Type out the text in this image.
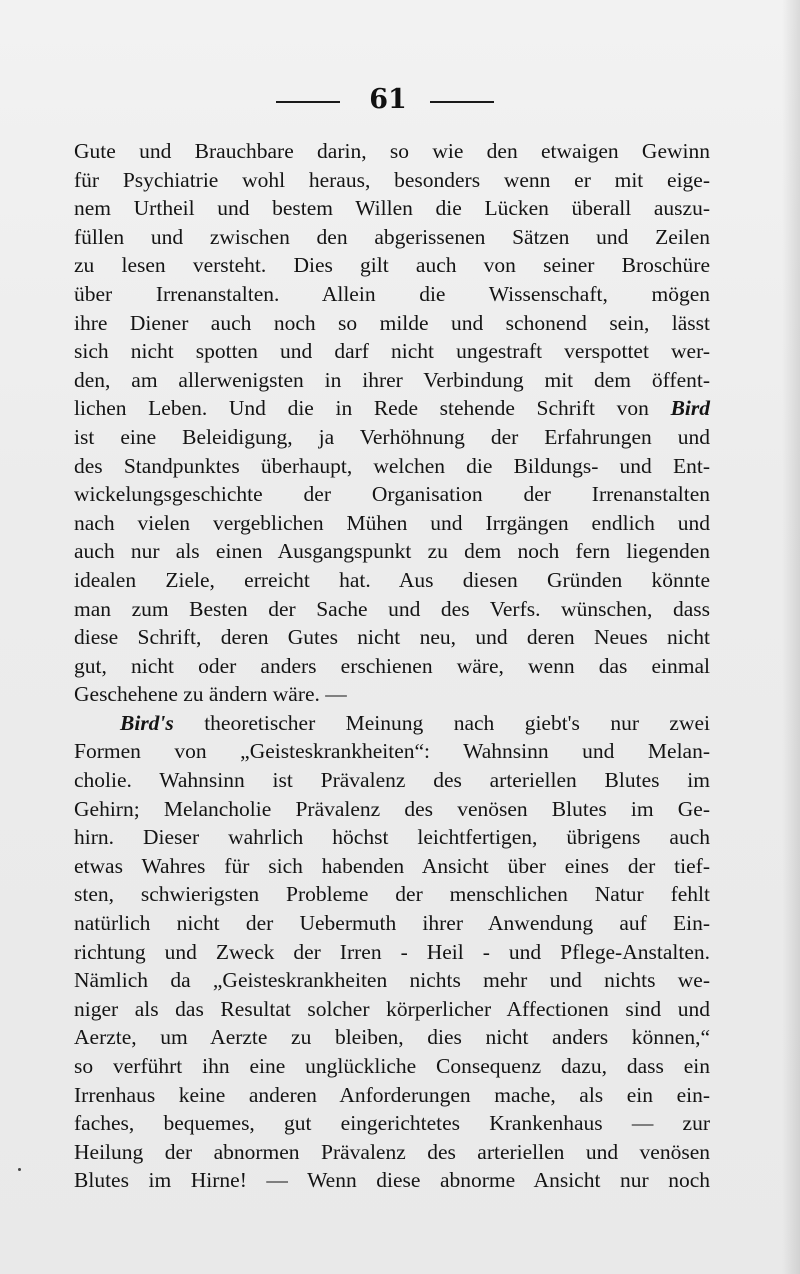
61
Gute und Brauchbare darin, so wie den etwaigen Gewinn
für Psychiatrie wohl heraus, besonders wenn er mit eige-
nem Urtheil und bestem Willen die Lücken überall auszu-
füllen und zwischen den abgerissenen Sätzen und Zeilen
zu lesen versteht. Dies gilt auch von seiner Broschüre
über Irrenanstalten. Allein die Wissenschaft, mögen
ihre Diener auch noch so milde und schonend sein, lässt
sich nicht spotten und darf nicht ungestraft verspottet wer-
den, am allerwenigsten in ihrer Verbindung mit dem öffent-
lichen Leben. Und die in Rede stehende Schrift von Bird
ist eine Beleidigung, ja Verhöhnung der Erfahrungen und
des Standpunktes überhaupt, welchen die Bildungs- und Ent-
wickelungsgeschichte der Organisation der Irrenanstalten
nach vielen vergeblichen Mühen und Irrgängen endlich und
auch nur als einen Ausgangspunkt zu dem noch fern liegenden
idealen Ziele, erreicht hat. Aus diesen Gründen könnte
man zum Besten der Sache und des Verfs. wünschen, dass
diese Schrift, deren Gutes nicht neu, und deren Neues nicht
gut, nicht oder anders erschienen wäre, wenn das einmal
Geschehene zu ändern wäre. —
Bird's theoretischer Meinung nach giebt's nur zwei
Formen von „Geisteskrankheiten“: Wahnsinn und Melan-
cholie. Wahnsinn ist Prävalenz des arteriellen Blutes im
Gehirn; Melancholie Prävalenz des venösen Blutes im Ge-
hirn. Dieser wahrlich höchst leichtfertigen, übrigens auch
etwas Wahres für sich habenden Ansicht über eines der tief-
sten, schwierigsten Probleme der menschlichen Natur fehlt
natürlich nicht der Uebermuth ihrer Anwendung auf Ein-
richtung und Zweck der Irren - Heil - und Pflege-Anstalten.
Nämlich da „Geisteskrankheiten nichts mehr und nichts we-
niger als das Resultat solcher körperlicher Affectionen sind und
Aerzte, um Aerzte zu bleiben, dies nicht anders können,“
so verführt ihn eine unglückliche Consequenz dazu, dass ein
Irrenhaus keine anderen Anforderungen mache, als ein ein-
faches, bequemes, gut eingerichtetes Krankenhaus — zur
Heilung der abnormen Prävalenz des arteriellen und venösen
Blutes im Hirne! — Wenn diese abnorme Ansicht nur noch
